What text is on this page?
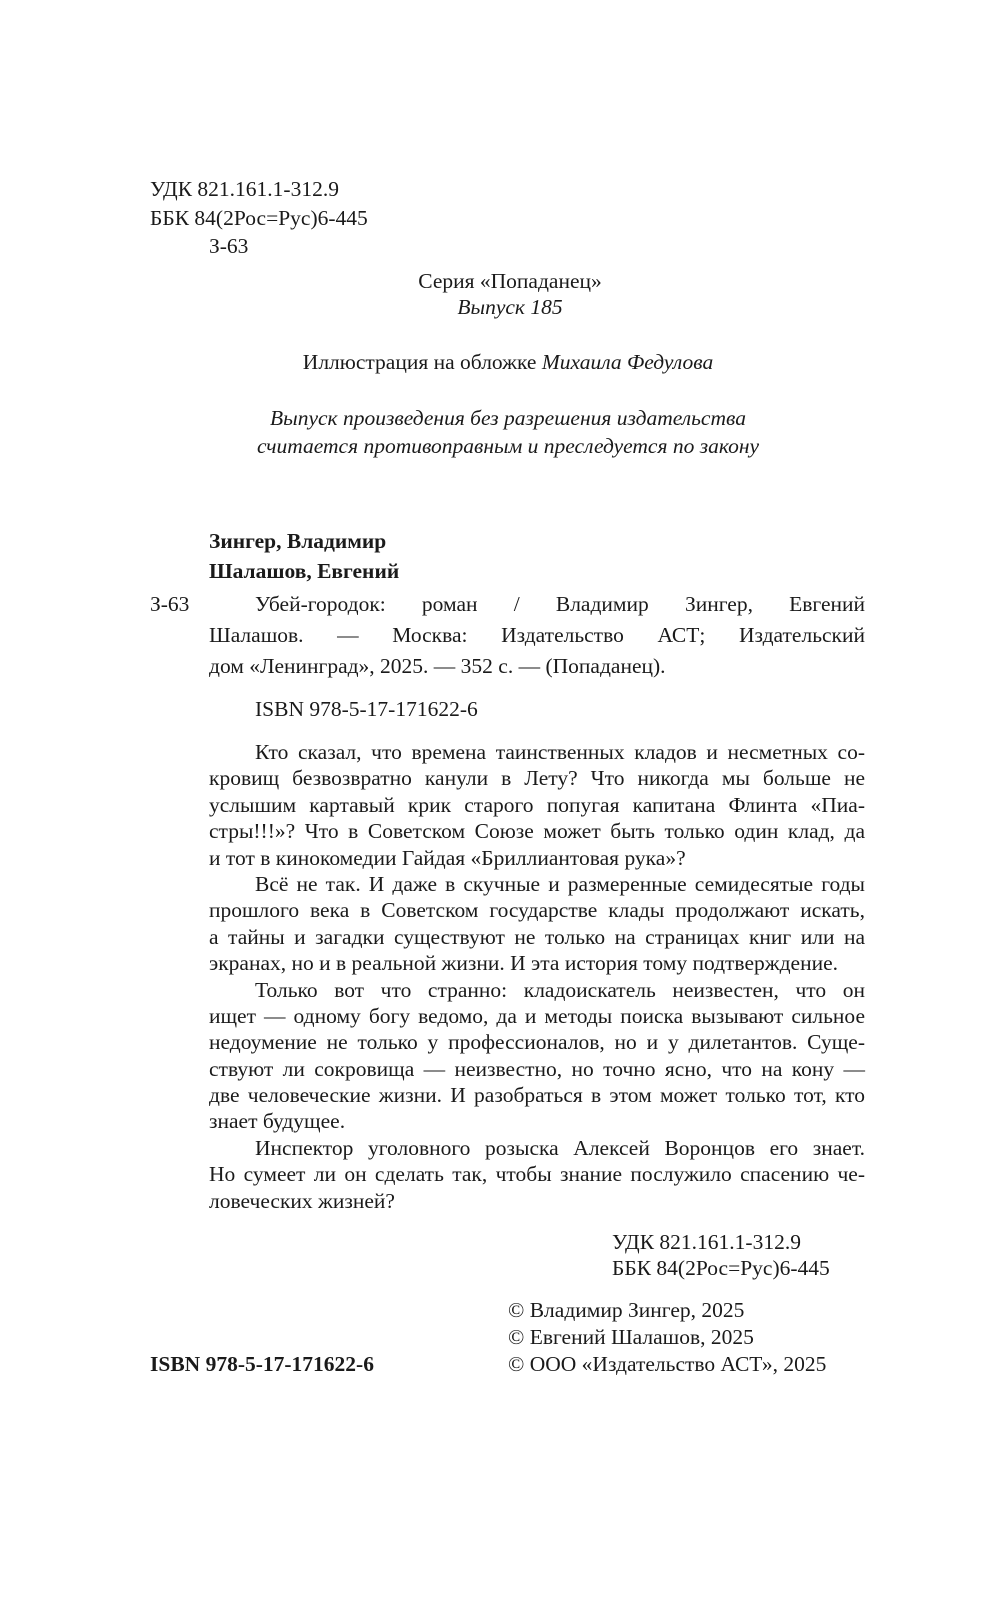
УДК 821.161.1-312.9
ББК 84(2Рос=Рус)6-445
З-63
Серия «Попаданец»
Выпуск 185
Иллюстрация на обложке Михаила Федулова
Выпуск произведения без разрешения издательства
считается противоправным и преследуется по закону
Зингер, Владимир
Шалашов, Евгений
З-63	Убей-городок: роман / Владимир Зингер, Евгений
Шалашов. — Москва: Издательство АСТ; Издательский
дом «Ленинград», 2025. — 352 с. — (Попаданец).
ISBN 978-5-17-171622-6
Кто сказал, что времена таинственных кладов и несметных со-
кровищ безвозвратно канули в Лету? Что никогда мы больше не
услышим картавый крик старого попугая капитана Флинта «Пиа-
стры!!!»? Что в Советском Союзе может быть только один клад, да
и тот в кинокомедии Гайдая «Бриллиантовая рука»?
Всё не так. И даже в скучные и размеренные семидесятые годы
прошлого века в Советском государстве клады продолжают искать,
а тайны и загадки существуют не только на страницах книг или на
экранах, но и в реальной жизни. И эта история тому подтверждение.
Только вот что странно: кладоискатель неизвестен, что он
ищет — одному богу ведомо, да и методы поиска вызывают сильное
недоумение не только у профессионалов, но и у дилетантов. Суще-
ствуют ли сокровища — неизвестно, но точно ясно, что на кону —
две человеческие жизни. И разобраться в этом может только тот, кто
знает будущее.
Инспектор уголовного розыска Алексей Воронцов его знает.
Но сумеет ли он сделать так, чтобы знание послужило спасению че-
ловеческих жизней?
УДК 821.161.1-312.9
ББК 84(2Рос=Рус)6-445
© Владимир Зингер, 2025
© Евгений Шалашов, 2025
© ООО «Издательство АСТ», 2025
ISBN 978-5-17-171622-6
